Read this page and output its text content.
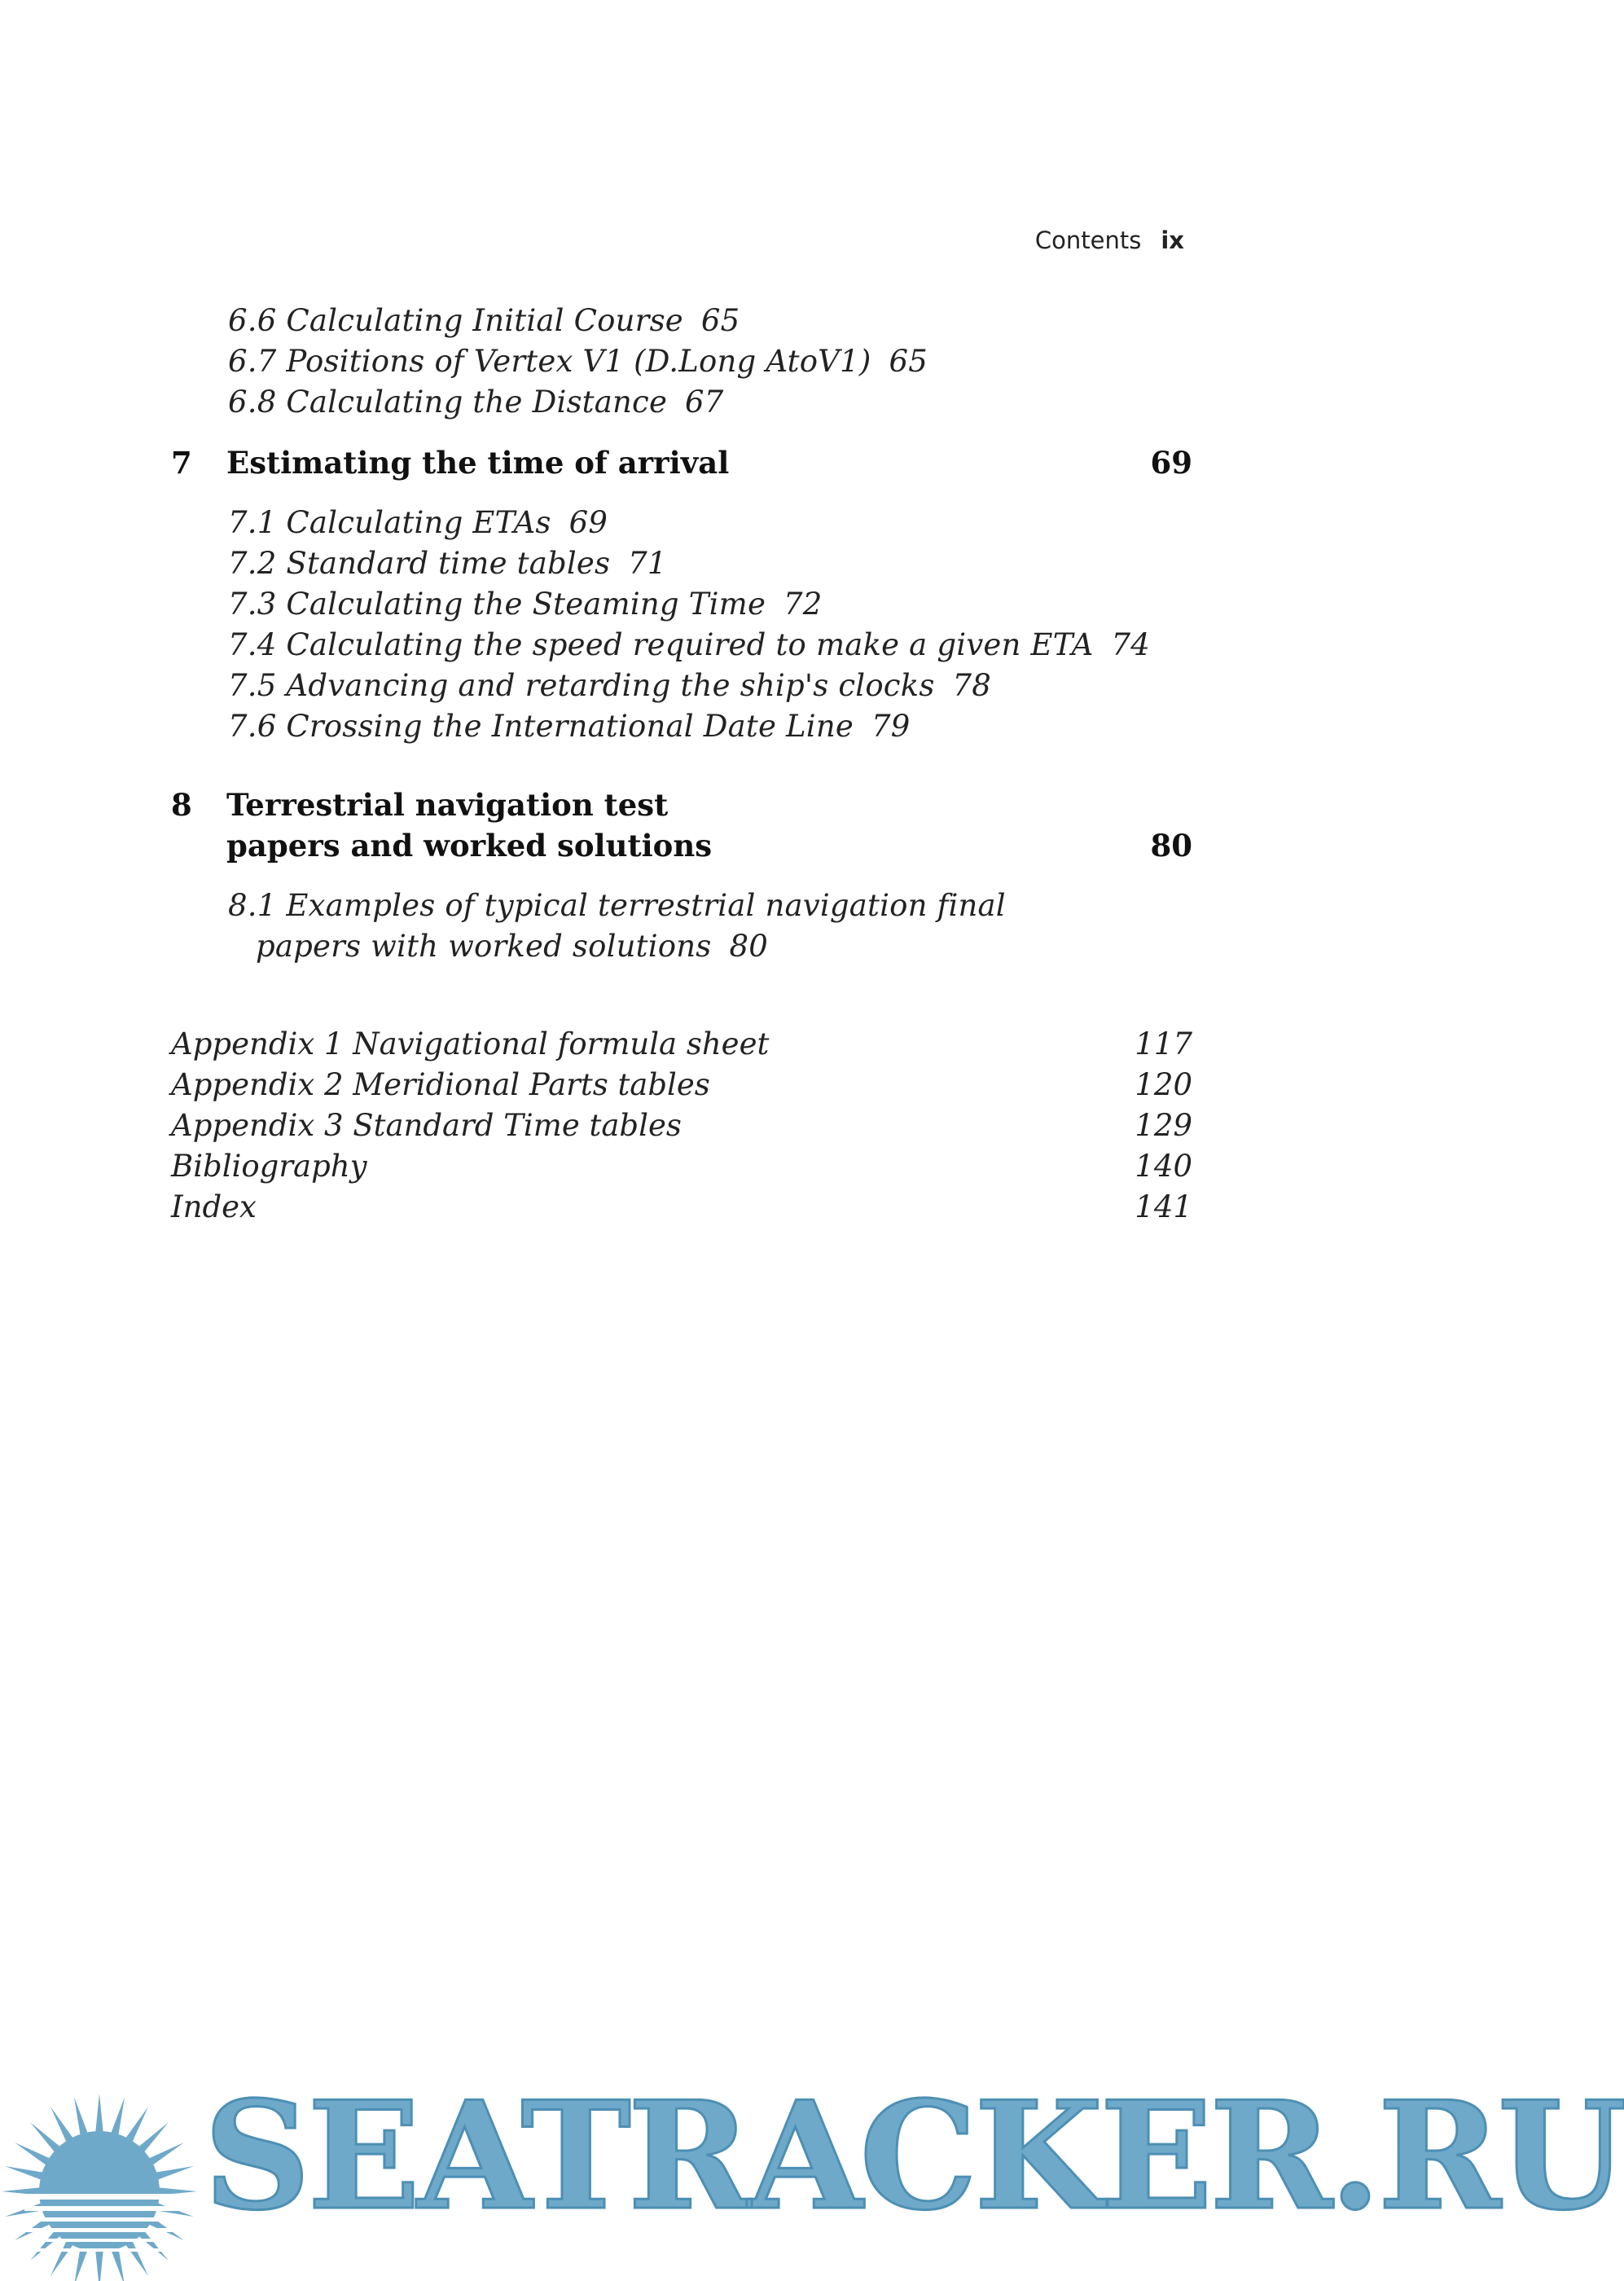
Contents ix
6.6 Calculating Initial Course 65
6.7 Positions of Vertex V1 (D.Long AtoV1) 65
6.8 Calculating the Distance 67
7 Estimating the time of arrival	69
7.1 Calculating ETAs 69
7.2 Standard time tables 71
7.3 Calculating the Steaming Time 72
7.4 Calculating the speed required to make a given ETA 74
7.5 Advancing and retarding the ship's clocks 78
7.6 Crossing the International Date Line 79
8 Terrestrial navigation test
papers and worked solutions	80
8.1 Examples of typical terrestrial navigation final
papers with worked solutions 80
Appendix 1 Navigational formula sheet	117
Appendix 2 Meridional Parts tables	120
Appendix 3 Standard Time tables	129
Bibliography	140
Index	141
SEATRACKER.RU
